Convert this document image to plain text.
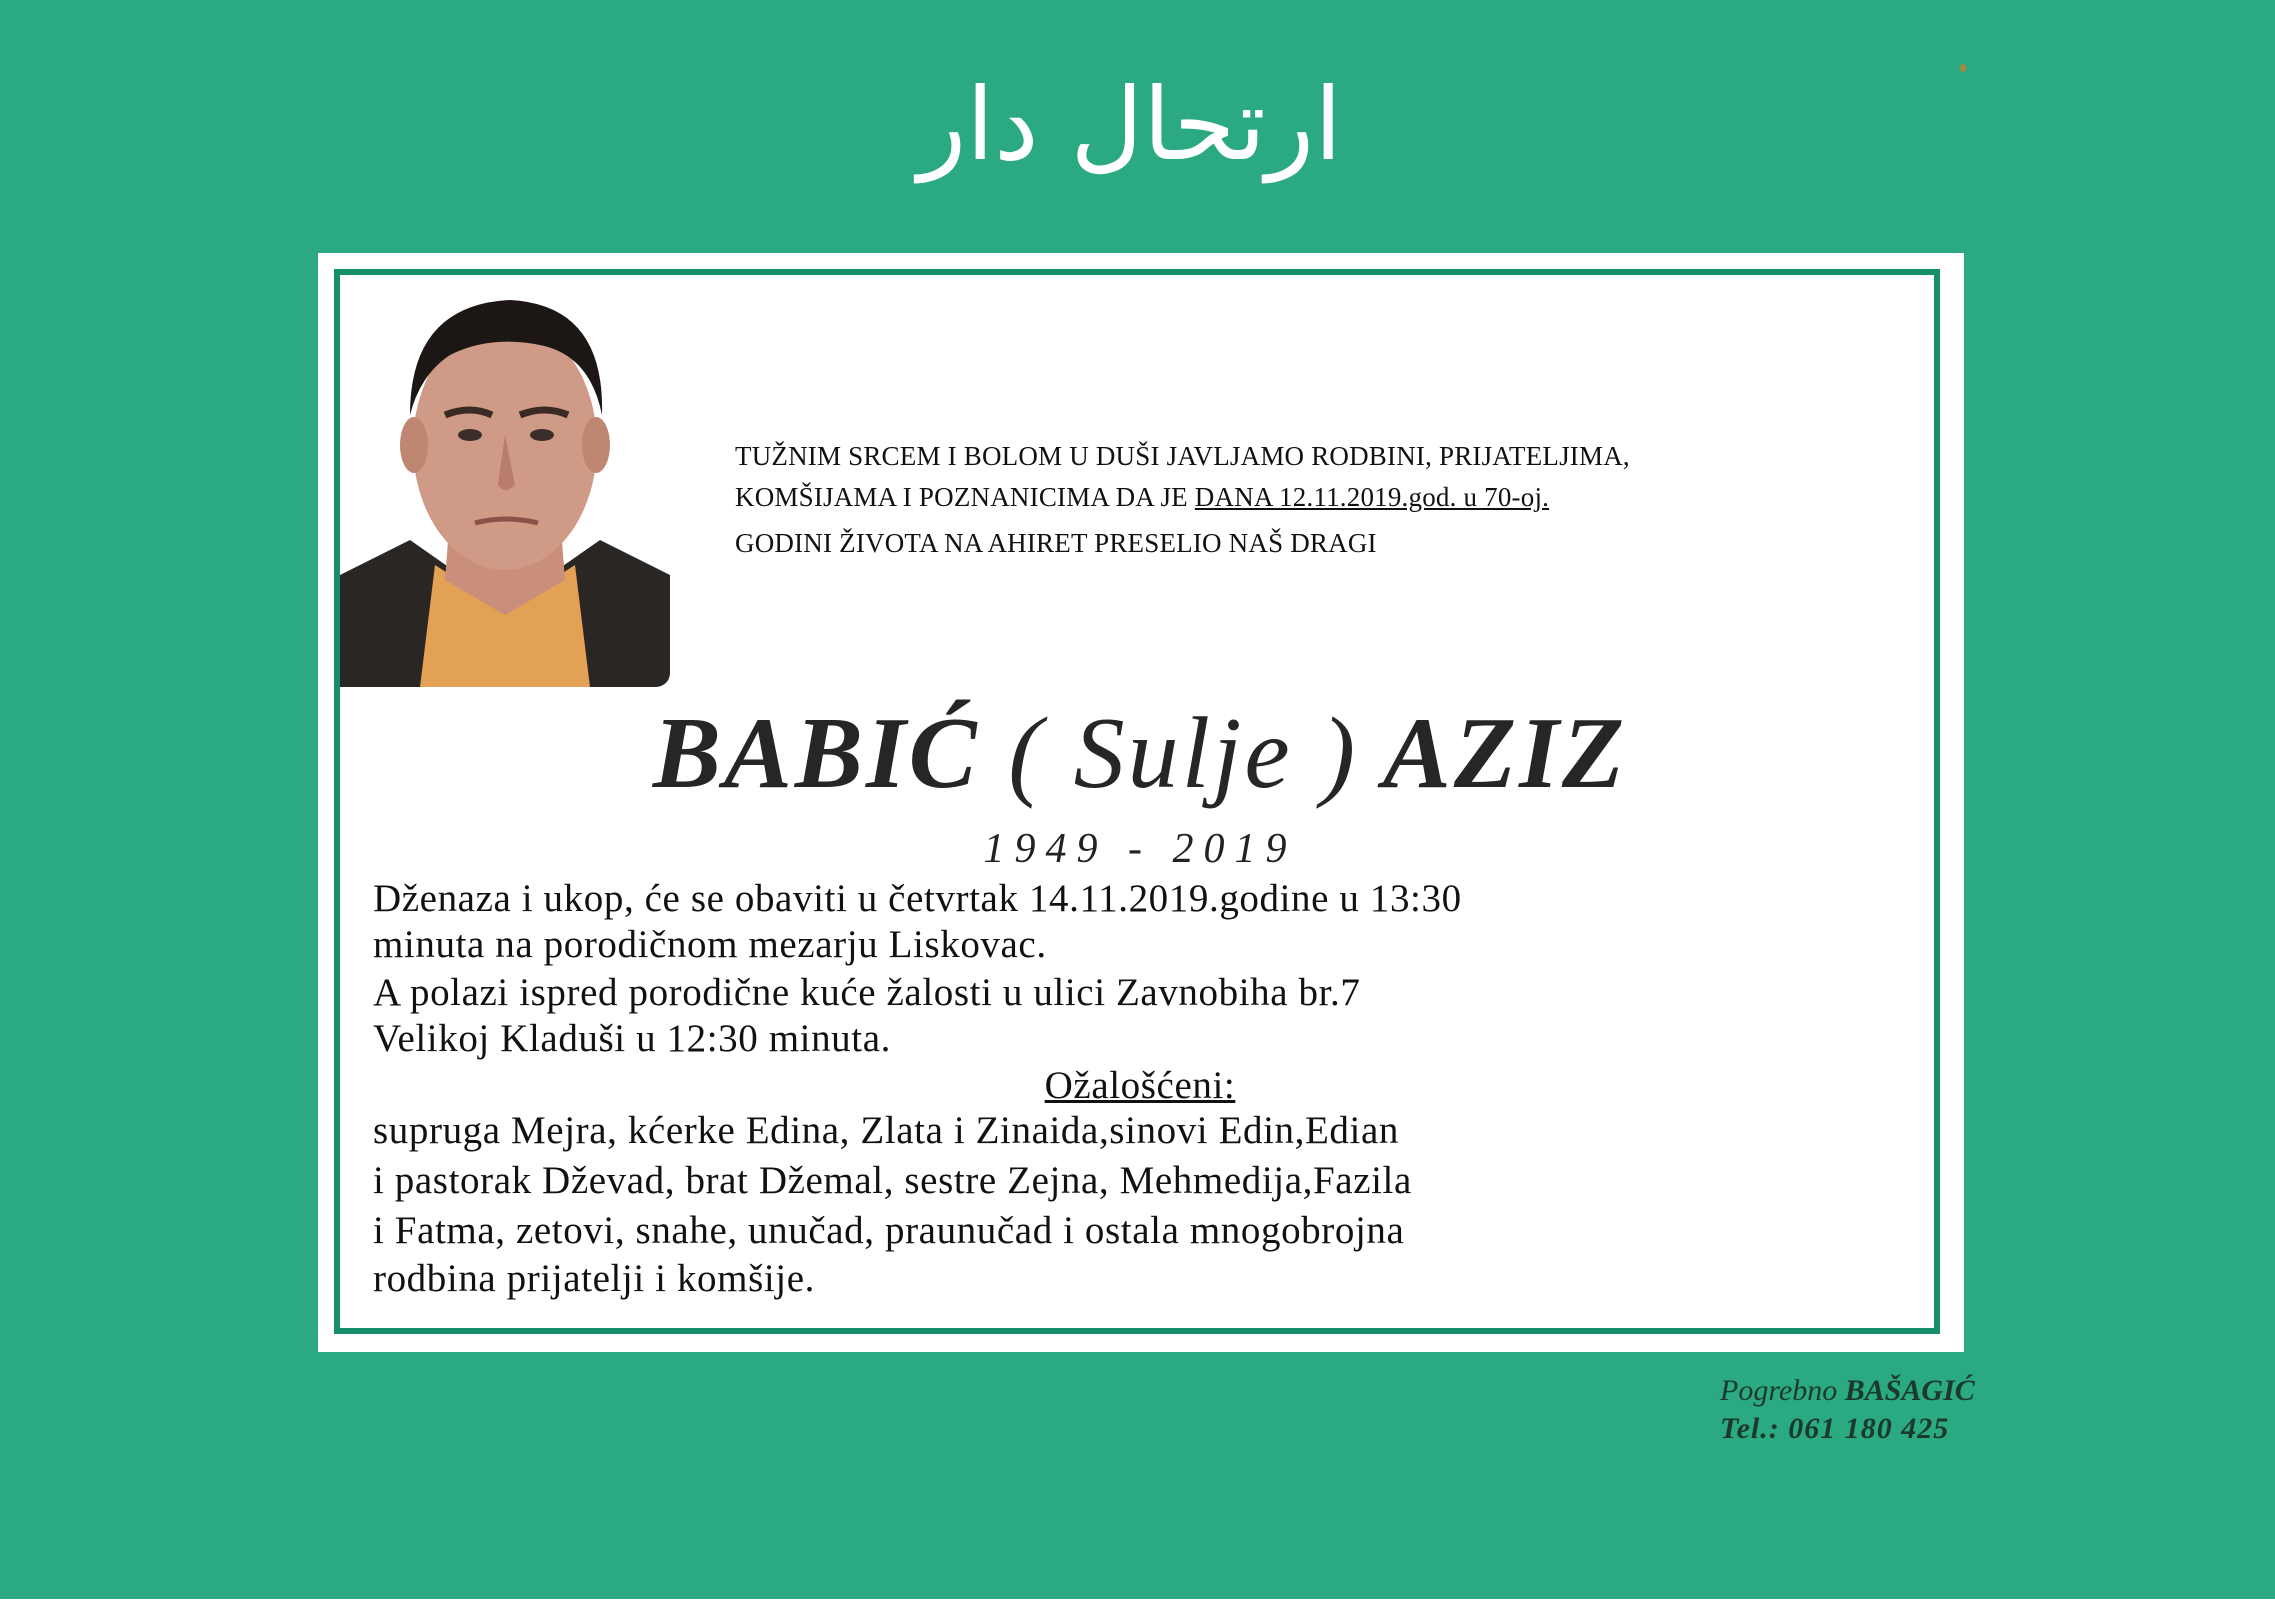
ارتحال دار
TUŽNIM SRCEM I BOLOM U DUŠI JAVLJAMO RODBINI, PRIJATELJIMA,
KOMŠIJAMA I POZNANICIMA DA JE DANA 12.11.2019.god. u 70-oj.
GODINI ŽIVOTA NA AHIRET PRESELIO NAŠ DRAGI
BABIĆ ( Sulje ) AZIZ
1949 - 2019
Dženaza i ukop, će se obaviti u četvrtak 14.11.2019.godine u 13:30
minuta na porodičnom mezarju Liskovac.
A polazi ispred porodične kuće žalosti u ulici Zavnobiha br.7
Velikoj Kladuši u 12:30 minuta.
Ožalošćeni:
supruga Mejra, kćerke Edina, Zlata i Zinaida,sinovi Edin,Edian
i pastorak Dževad, brat Džemal, sestre Zejna, Mehmedija,Fazila
i Fatma, zetovi, snahe, unučad, praunučad i ostala mnogobrojna
rodbina prijatelji i komšije.
Pogrebno BAŠAGIĆ
Tel.: 061 180 425
